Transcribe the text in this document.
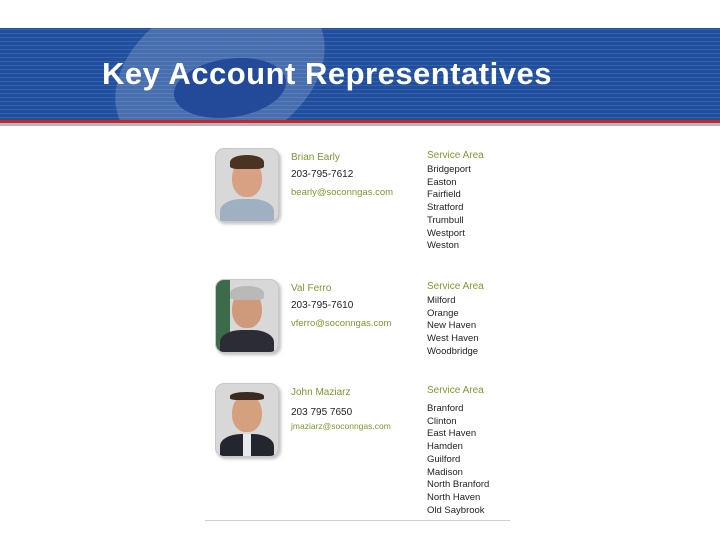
Key Account Representatives
Brian Early
203-795-7612
bearly@soconngas.com
Service Area
Bridgeport
Easton
Fairfield
Stratford
Trumbull
Westport
Weston
Val Ferro
203-795-7610
vferro@soconngas.com
Service Area
Milford
Orange
New Haven
West Haven
Woodbridge
John Maziarz
203 795 7650
jmaziarz@soconngas.com
Service Area
Branford
Clinton
East Haven
Hamden
Guilford
Madison
North Branford
North Haven
Old Saybrook
